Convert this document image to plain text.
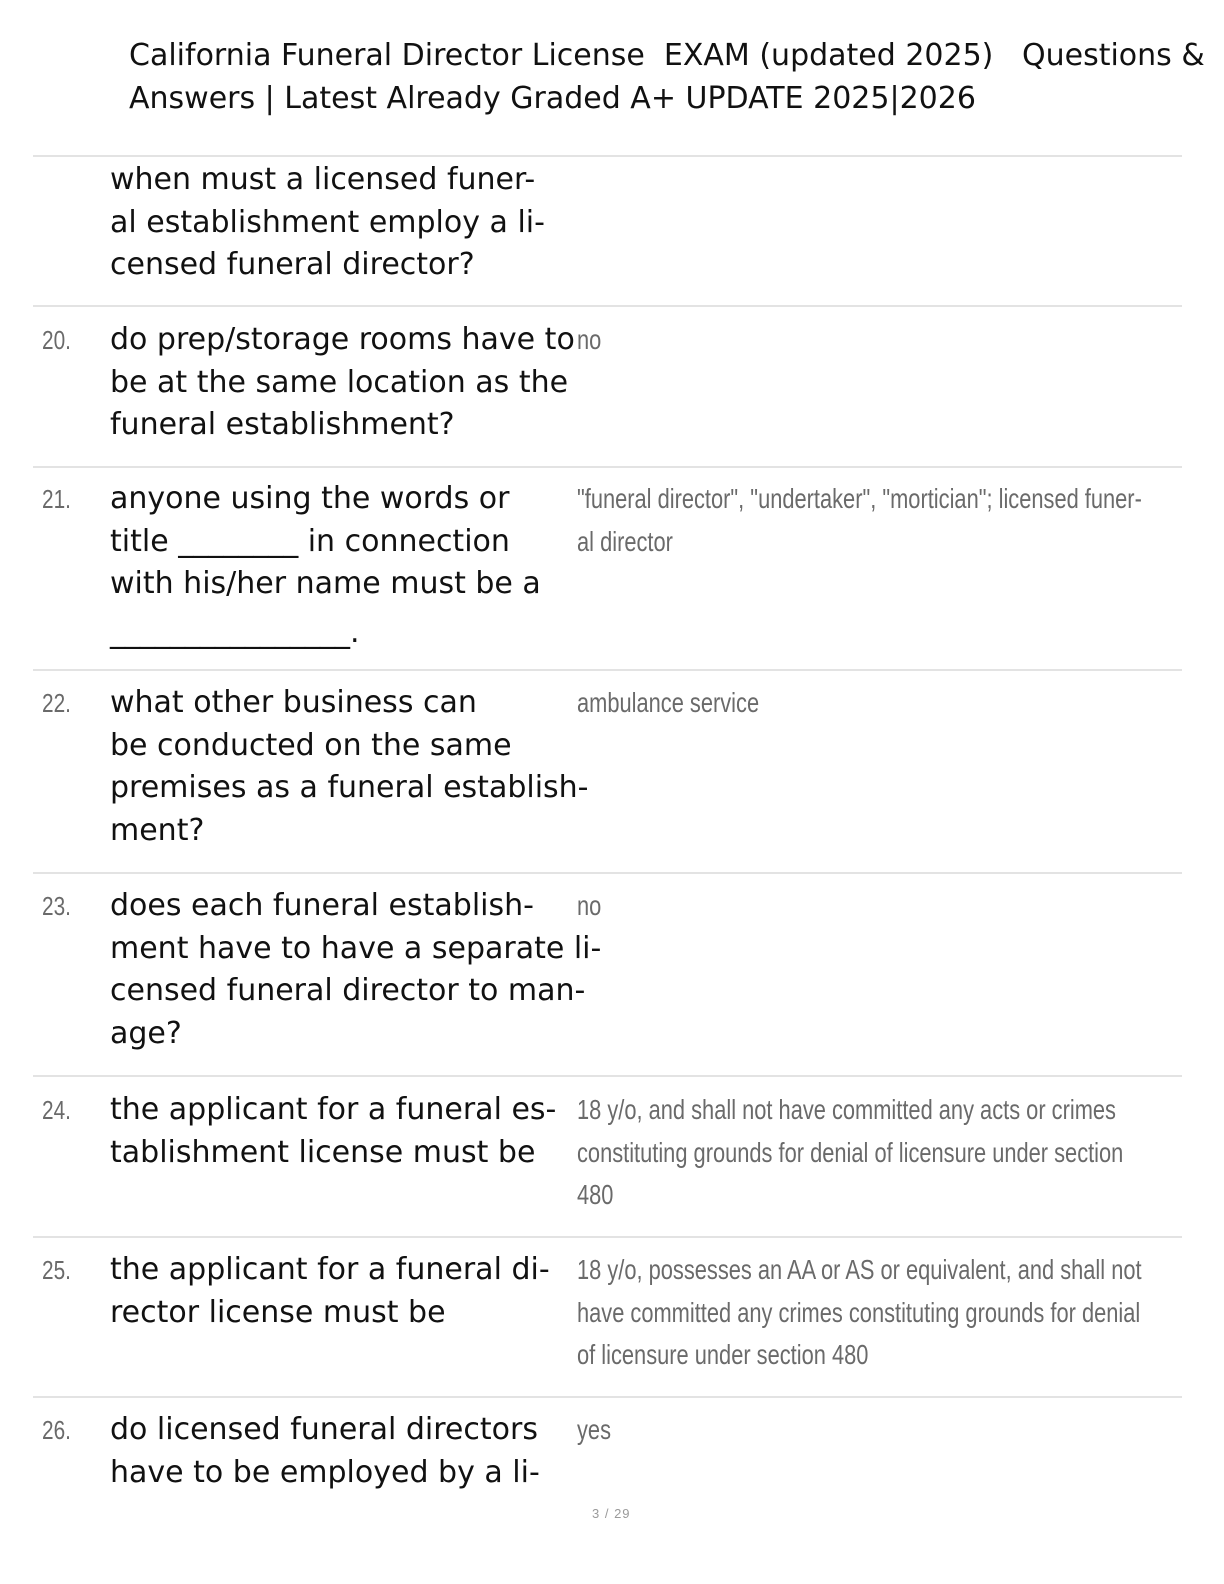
California Funeral Director License  EXAM (updated 2025)   Questions &
Answers | Latest Already Graded A+ UPDATE 2025|2026
when must a licensed funer-
al establishment employ a li-
censed funeral director?
20. do prep/storage rooms have to
be at the same location as the
funeral establishment?
no
21. anyone using the words or
title ________ in connection
with his/her name must be a
________________.
"funeral director", "undertaker", "mortician"; licensed funer-
al director
22. what other business can
be conducted on the same
premises as a funeral establish-
ment?
ambulance service
23. does each funeral establish-
ment have to have a separate li-
censed funeral director to man-
age?
no
24. the applicant for a funeral es-
tablishment license must be
18 y/o, and shall not have committed any acts or crimes
constituting grounds for denial of licensure under section
480
25. the applicant for a funeral di-
rector license must be
18 y/o, possesses an AA or AS or equivalent, and shall not
have committed any crimes constituting grounds for denial
of licensure under section 480
26. do licensed funeral directors
have to be employed by a li-
yes
3 / 29
